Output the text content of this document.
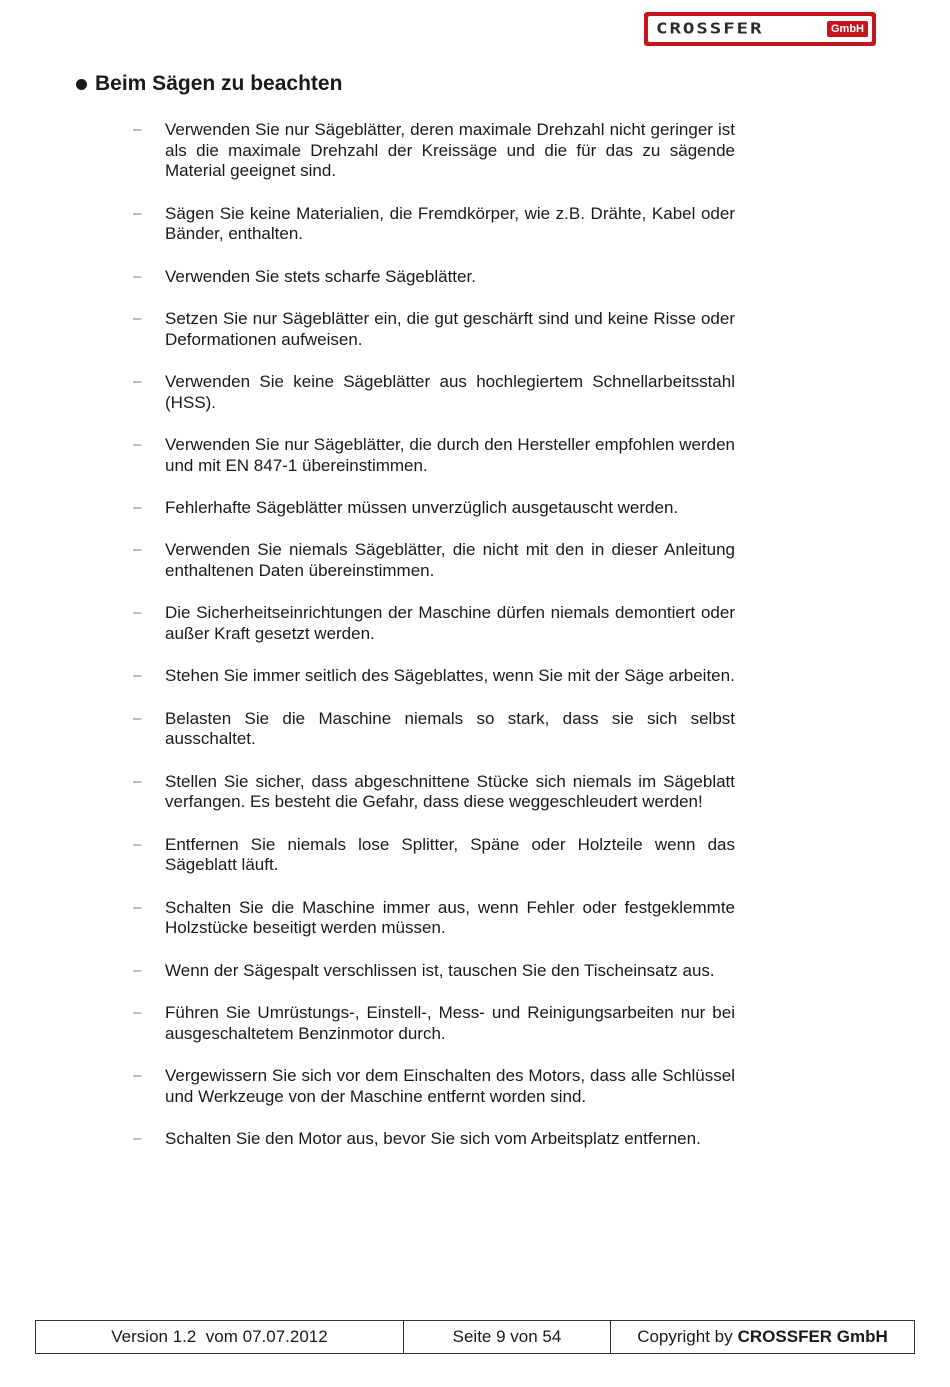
CROSSFER	GmbH
Beim Sägen zu beachten
– Verwenden Sie nur Sägeblätter, deren maximale Drehzahl nicht geringer ist als die maximale Drehzahl der Kreissäge und die für das zu sägende Material geeignet sind.
– Sägen Sie keine Materialien, die Fremdkörper, wie z.B. Drähte, Kabel oder Bänder, enthalten.
– Verwenden Sie stets scharfe Sägeblätter.
– Setzen Sie nur Sägeblätter ein, die gut geschärft sind und keine Risse oder Deformationen aufweisen.
– Verwenden Sie keine Sägeblätter aus hochlegiertem Schnellarbeitsstahl (HSS).
– Verwenden Sie nur Sägeblätter, die durch den Hersteller empfohlen werden und mit EN 847-1 übereinstimmen.
– Fehlerhafte Sägeblätter müssen unverzüglich ausgetauscht werden.
– Verwenden Sie niemals Sägeblätter, die nicht mit den in dieser Anleitung enthaltenen Daten übereinstimmen.
– Die Sicherheitseinrichtungen der Maschine dürfen niemals demontiert oder außer Kraft gesetzt werden.
– Stehen Sie immer seitlich des Sägeblattes, wenn Sie mit der Säge arbeiten.
– Belasten Sie die Maschine niemals so stark, dass sie sich selbst ausschaltet.
– Stellen Sie sicher, dass abgeschnittene Stücke sich niemals im Sägeblatt verfangen. Es besteht die Gefahr, dass diese weggeschleudert werden!
– Entfernen Sie niemals lose Splitter, Späne oder Holzteile wenn das Sägeblatt läuft.
– Schalten Sie die Maschine immer aus, wenn Fehler oder festgeklemmte Holzstücke beseitigt werden müssen.
– Wenn der Sägespalt verschlissen ist, tauschen Sie den Tischeinsatz aus.
– Führen Sie Umrüstungs-, Einstell-, Mess- und Reinigungsarbeiten nur bei ausgeschaltetem Benzinmotor durch.
– Vergewissern Sie sich vor dem Einschalten des Motors, dass alle Schlüssel und Werkzeuge von der Maschine entfernt worden sind.
– Schalten Sie den Motor aus, bevor Sie sich vom Arbeitsplatz entfernen.
Version 1.2  vom 07.07.2012	Seite 9 von 54	Copyright by CROSSFER GmbH
